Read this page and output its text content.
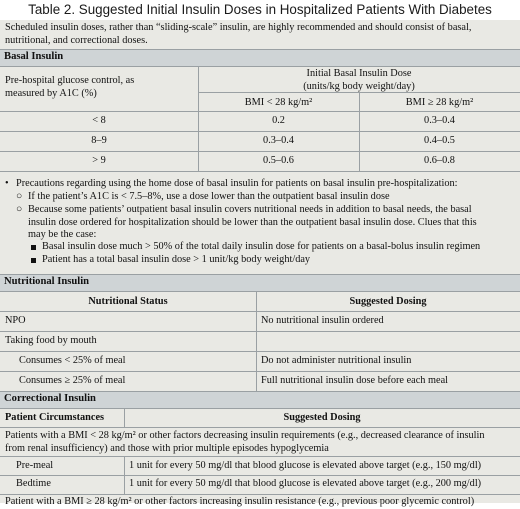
Table 2. Suggested Initial Insulin Doses in Hospitalized Patients With Diabetes
Scheduled insulin doses, rather than “sliding-scale” insulin, are highly recommended and should consist of basal,
nutritional, and correctional doses.
Basal Insulin
Pre-hospital glucose control, as
measured by A1C (%)
Initial Basal Insulin Dose
(units/kg body weight/day)
BMI < 28 kg/m²	BMI ≥ 28 kg/m²
< 8	0.2	0.3–0.4
8–9	0.3–0.4	0.4–0.5
> 9	0.5–0.6	0.6–0.8
• Precautions regarding using the home dose of basal insulin for patients on basal insulin pre-hospitalization:
○ If the patient’s A1C is < 7.5–8%, use a dose lower than the outpatient basal insulin dose
○ Because some patients’ outpatient basal insulin covers nutritional needs in addition to basal needs, the basal
insulin dose ordered for hospitalization should be lower than the outpatient basal insulin dose. Clues that this
may be the case:
Basal insulin dose much > 50% of the total daily insulin dose for patients on a basal-bolus insulin regimen
Patient has a total basal insulin dose > 1 unit/kg body weight/day
Nutritional Insulin
Nutritional Status	Suggested Dosing
NPO	No nutritional insulin ordered
Taking food by mouth
Consumes < 25% of meal	Do not administer nutritional insulin
Consumes ≥ 25% of meal	Full nutritional insulin dose before each meal
Correctional Insulin
Patient Circumstances	Suggested Dosing
Patients with a BMI < 28 kg/m² or other factors decreasing insulin requirements (e.g., decreased clearance of insulin
from renal insufficiency) and those with prior multiple episodes hypoglycemia
Pre-meal	1 unit for every 50 mg/dl that blood glucose is elevated above target (e.g., 150 mg/dl)
Bedtime	1 unit for every 50 mg/dl that blood glucose is elevated above target (e.g., 200 mg/dl)
Patient with a BMI ≥ 28 kg/m² or other factors increasing insulin resistance (e.g., previous poor glycemic control)
